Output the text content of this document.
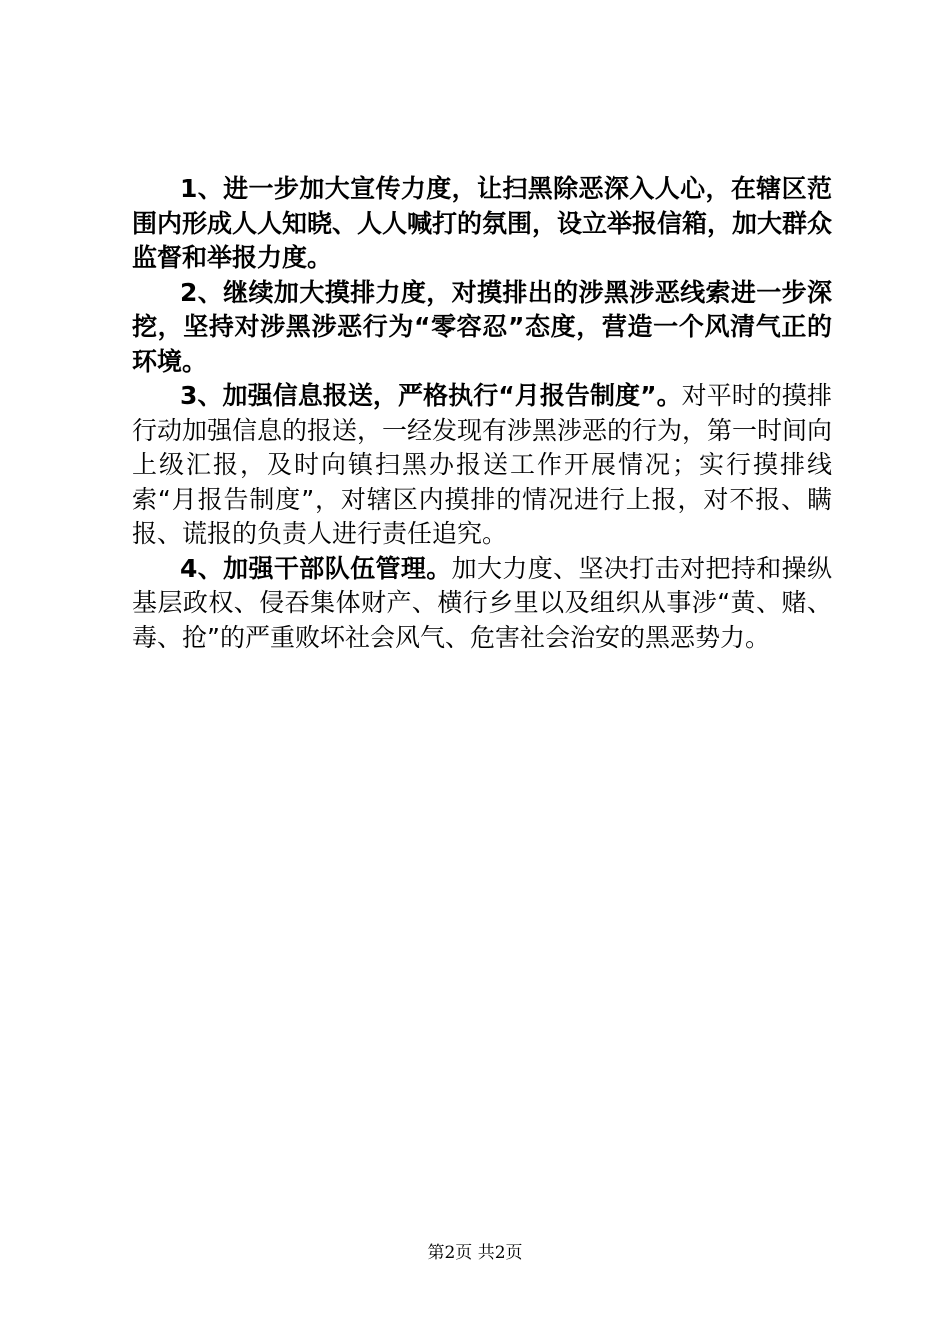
1、进一步加大宣传力度，让扫黑除恶深入人心，在辖区范围内形成人人知晓、人人喊打的氛围，设立举报信箱，加大群众监督和举报力度。

2、继续加大摸排力度，对摸排出的涉黑涉恶线索进一步深挖，坚持对涉黑涉恶行为“零容忍”态度，营造一个风清气正的环境。

3、加强信息报送，严格执行“月报告制度”。对平时的摸排行动加强信息的报送，一经发现有涉黑涉恶的行为，第一时间向上级汇报，及时向镇扫黑办报送工作开展情况；实行摸排线索“月报告制度”，对辖区内摸排的情况进行上报，对不报、瞒报、谎报的负责人进行责任追究。

4、加强干部队伍管理。加大力度、坚决打击对把持和操纵基层政权、侵吞集体财产、横行乡里以及组织从事涉“黄、赌、毒、抢”的严重败坏社会风气、危害社会治安的黑恶势力。

第2页 共2页
